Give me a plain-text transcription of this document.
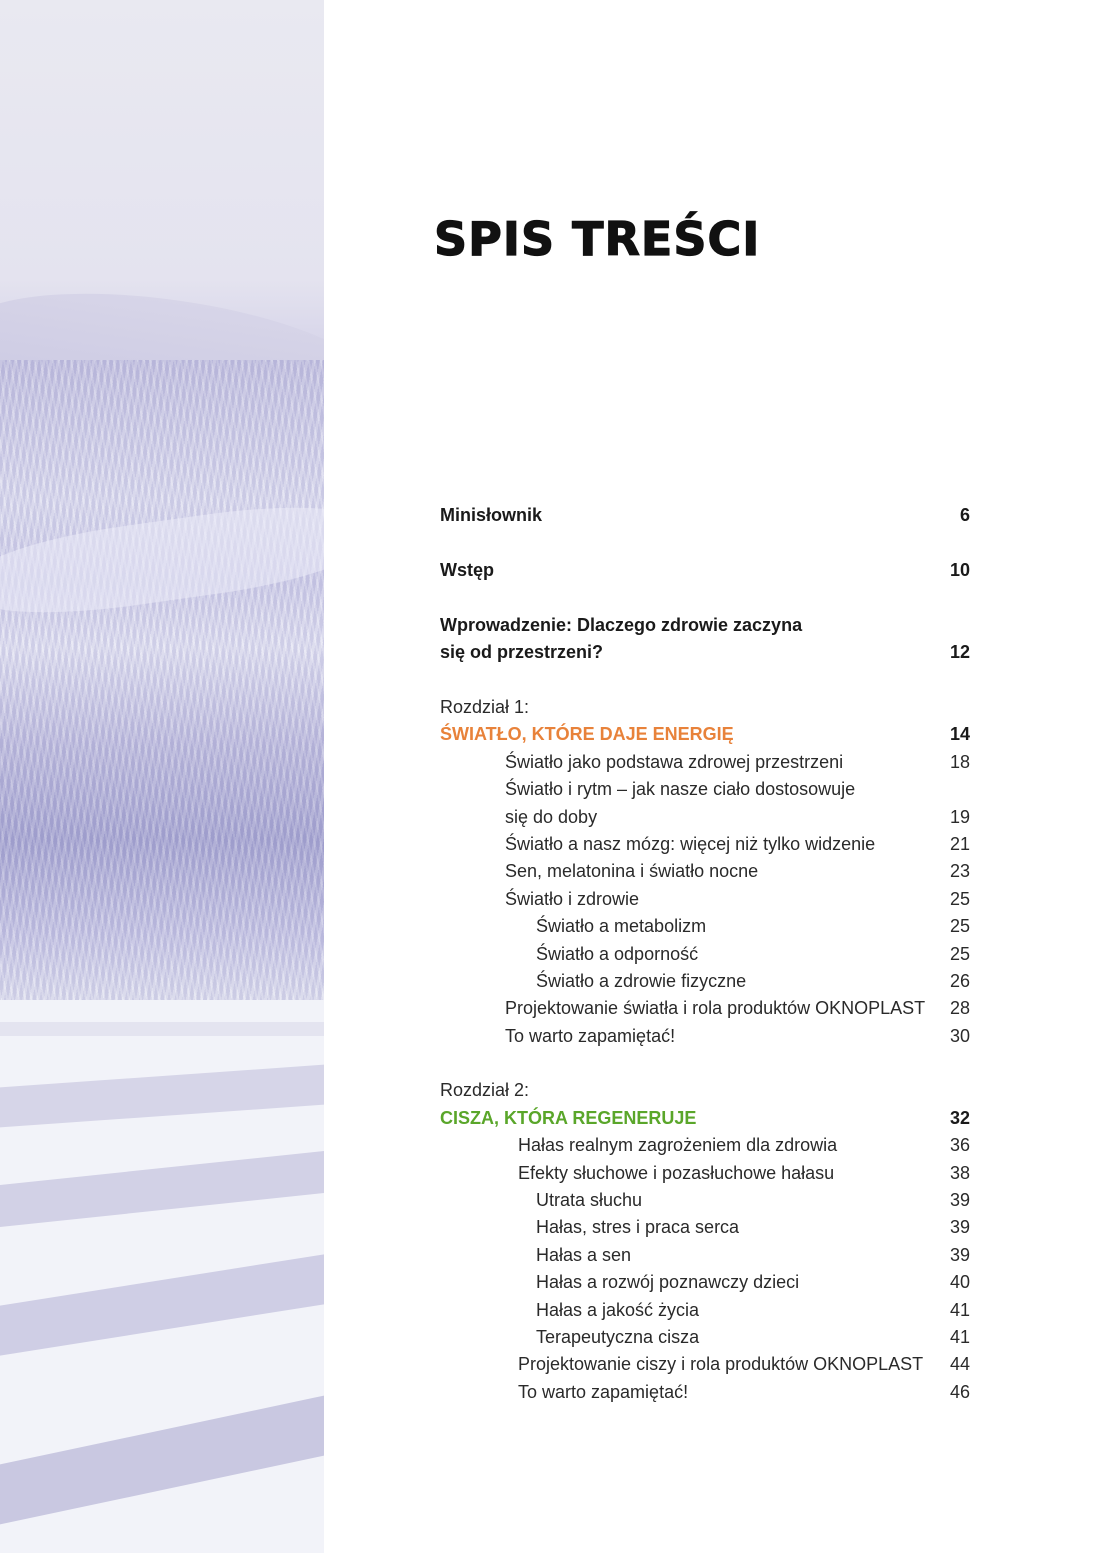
SPIS TREŚCI
Minisłownik	6
Wstęp	10
Wprowadzenie: Dlaczego zdrowie zaczyna
się od przestrzeni?	12
Rozdział 1:
ŚWIATŁO, KTÓRE DAJE ENERGIĘ	14
Światło jako podstawa zdrowej przestrzeni	18
Światło i rytm – jak nasze ciało dostosowuje
się do doby	19
Światło a nasz mózg: więcej niż tylko widzenie	21
Sen, melatonina i światło nocne	23
Światło i zdrowie	25
Światło a metabolizm	25
Światło a odporność	25
Światło a zdrowie fizyczne	26
Projektowanie światła i rola produktów OKNOPLAST 28
To warto zapamiętać!	30
Rozdział 2:
CISZA, KTÓRA REGENERUJE	32
Hałas realnym zagrożeniem dla zdrowia	36
Efekty słuchowe i pozasłuchowe hałasu	38
Utrata słuchu	39
Hałas, stres i praca serca	39
Hałas a sen	39
Hałas a rozwój poznawczy dzieci	40
Hałas a jakość życia	41
Terapeutyczna cisza	41
Projektowanie ciszy i rola produktów OKNOPLAST 44
To warto zapamiętać!	46
